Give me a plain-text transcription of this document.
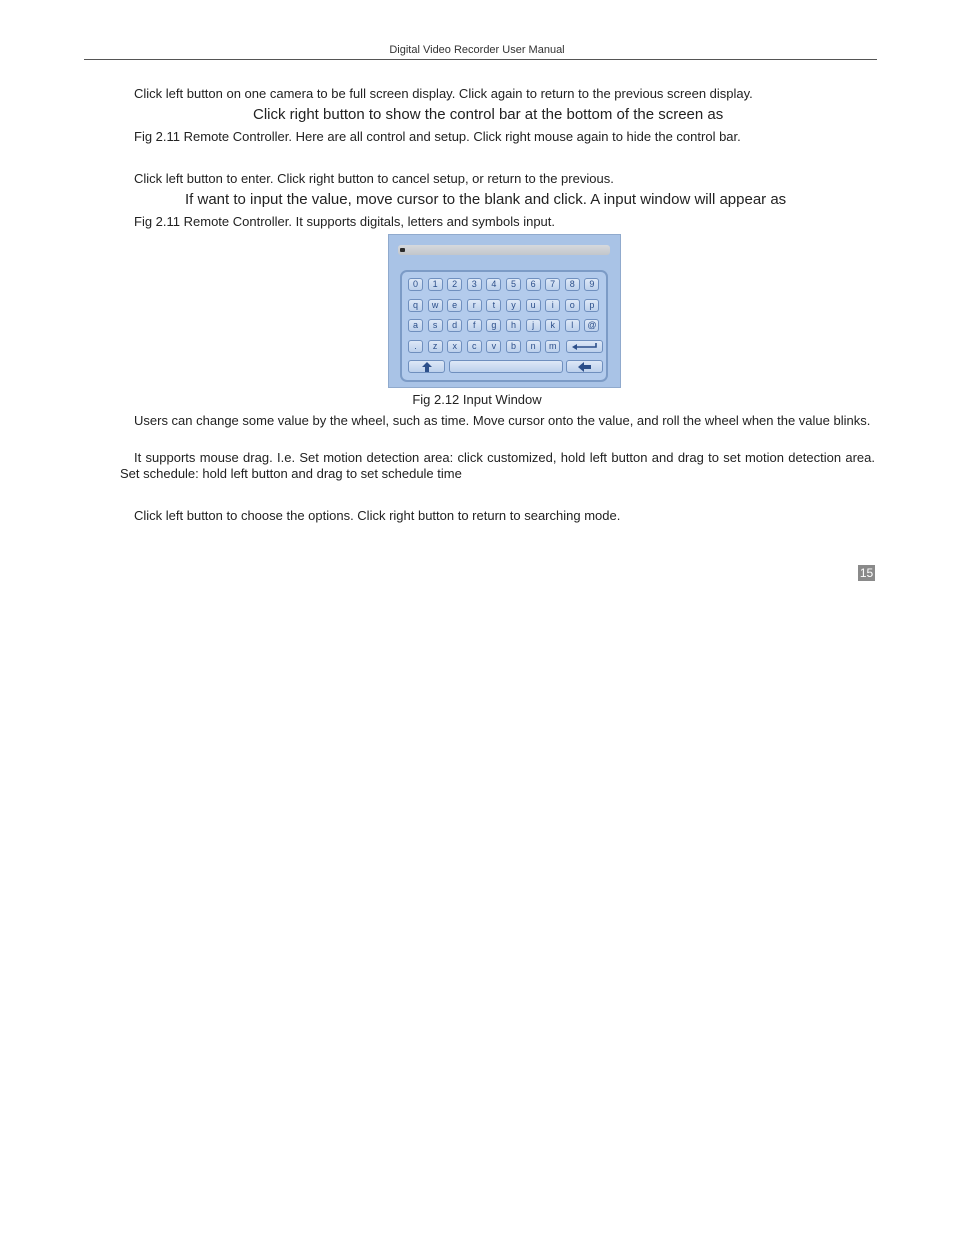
Digital Video Recorder User Manual
Click left button on one camera to be full screen display. Click again to return to the previous screen display.
Click right button to show the control bar at the bottom of the screen as
Fig 2.11 Remote Controller. Here are all control and setup. Click right mouse again to hide the control bar.
Click left button to enter. Click right button to cancel setup, or return to the previous.
If want to input the value, move cursor to the blank and click. A input window will appear as
Fig 2.11 Remote Controller. It supports digitals, letters and symbols input.
0	1	2	3	4	5	6	7	8	9
q	w	e	r	t	y	u	i	o	p
a	s	d	f	g	h	j	k	l	@
.	z	x	c	v	b	n	m
Fig 2.12 Input Window
Users can change some value by the wheel, such as time. Move cursor onto the value, and roll the wheel when the value blinks.
It supports mouse drag. I.e. Set motion detection area: click customized, hold left button and drag to set motion detection area. Set schedule: hold left button and drag to set schedule time
Click left button to choose the options. Click right button to return to searching mode.
15
